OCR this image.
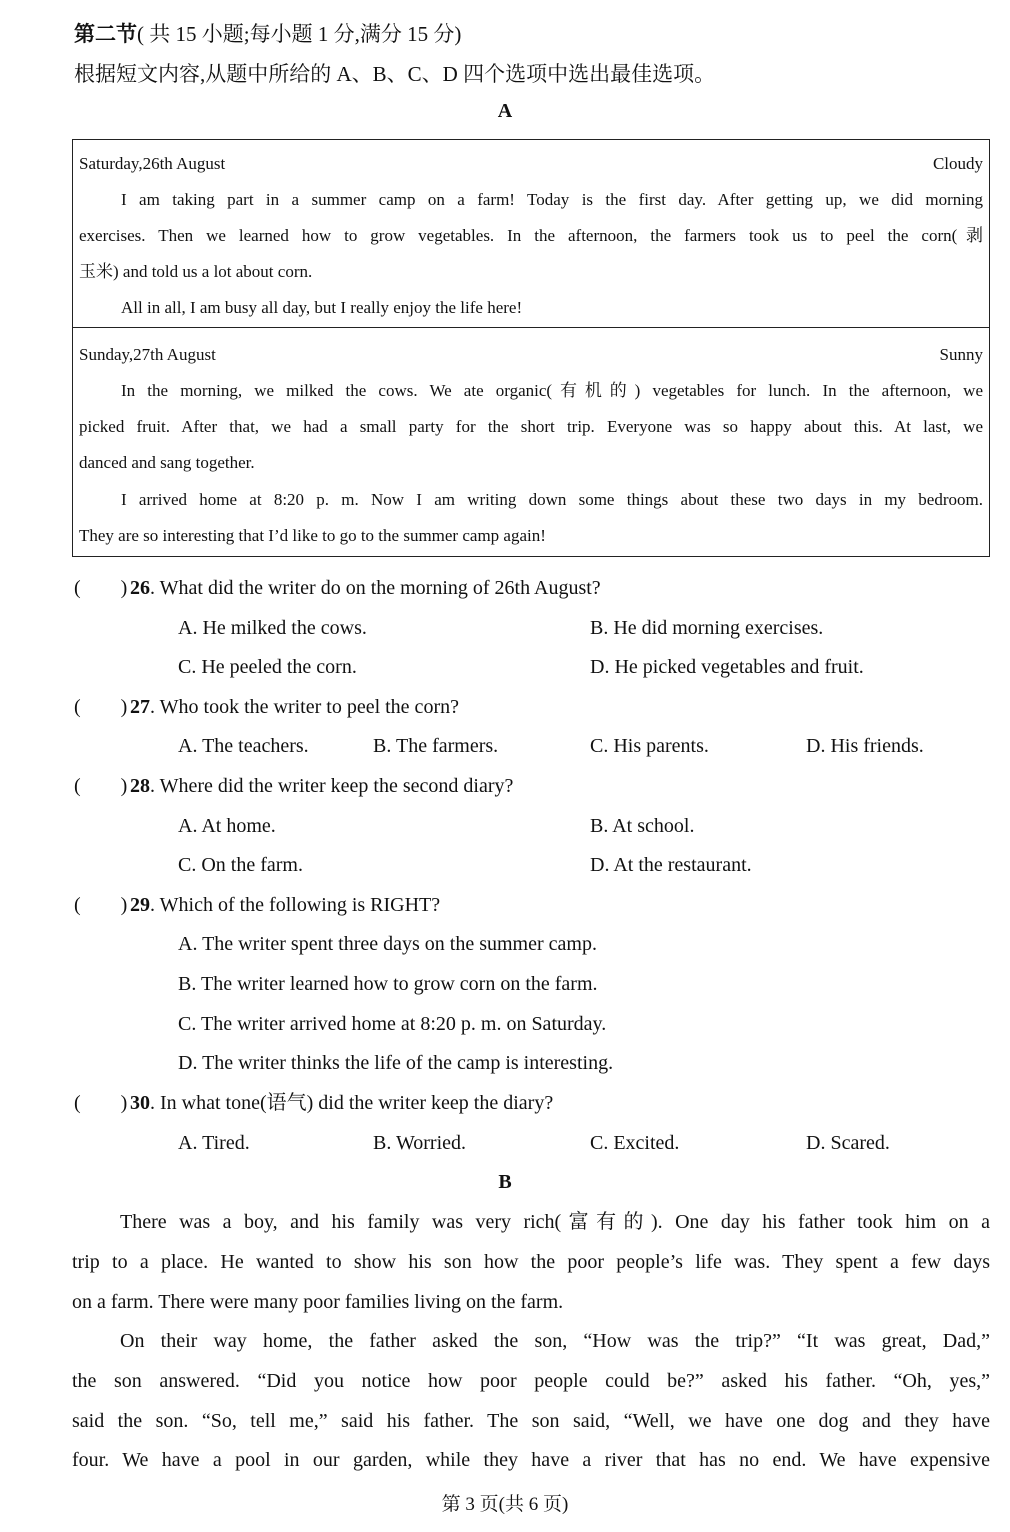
第二节( 共 15 小题;每小题 1 分,满分 15 分)
根据短文内容,从题中所给的 A、B、C、D 四个选项中选出最佳选项。
A
Saturday,26th August	Cloudy
I am taking part in a summer camp on a farm! Today is the first day. After getting up, we did morning
exercises. Then we learned how to grow vegetables. In the afternoon, the farmers took us to peel the corn(剥
玉米) and told us a lot about corn.
All in all, I am busy all day, but I really enjoy the life here!
Sunday,27th August	Sunny
In the morning, we milked the cows. We ate organic(有机的) vegetables for lunch. In the afternoon, we
picked fruit. After that, we had a small party for the short trip. Everyone was so happy about this. At last, we
danced and sang together.
I arrived home at 8:20 p. m. Now I am writing down some things about these two days in my bedroom.
They are so interesting that I’d like to go to the summer camp again!
( ) 26. What did the writer do on the morning of 26th August?
A. He milked the cows.	B. He did morning exercises.
C. He peeled the corn.	D. He picked vegetables and fruit.
( ) 27. Who took the writer to peel the corn?
A. The teachers.	B. The farmers.	C. His parents.	D. His friends.
( ) 28. Where did the writer keep the second diary?
A. At home.	B. At school.
C. On the farm.	D. At the restaurant.
( ) 29. Which of the following is RIGHT?
A. The writer spent three days on the summer camp.
B. The writer learned how to grow corn on the farm.
C. The writer arrived home at 8:20 p. m. on Saturday.
D. The writer thinks the life of the camp is interesting.
( ) 30. In what tone(语气) did the writer keep the diary?
A. Tired.	B. Worried.	C. Excited.	D. Scared.
B
There was a boy, and his family was very rich(富有的). One day his father took him on a
trip to a place. He wanted to show his son how the poor people’s life was. They spent a few days
on a farm. There were many poor families living on the farm.
On their way home, the father asked the son, “How was the trip?” “It was great, Dad,”
the son answered. “Did you notice how poor people could be?” asked his father. “Oh, yes,”
said the son. “So, tell me,” said his father. The son said, “Well, we have one dog and they have
four. We have a pool in our garden, while they have a river that has no end. We have expensive
第 3 页(共 6 页)
